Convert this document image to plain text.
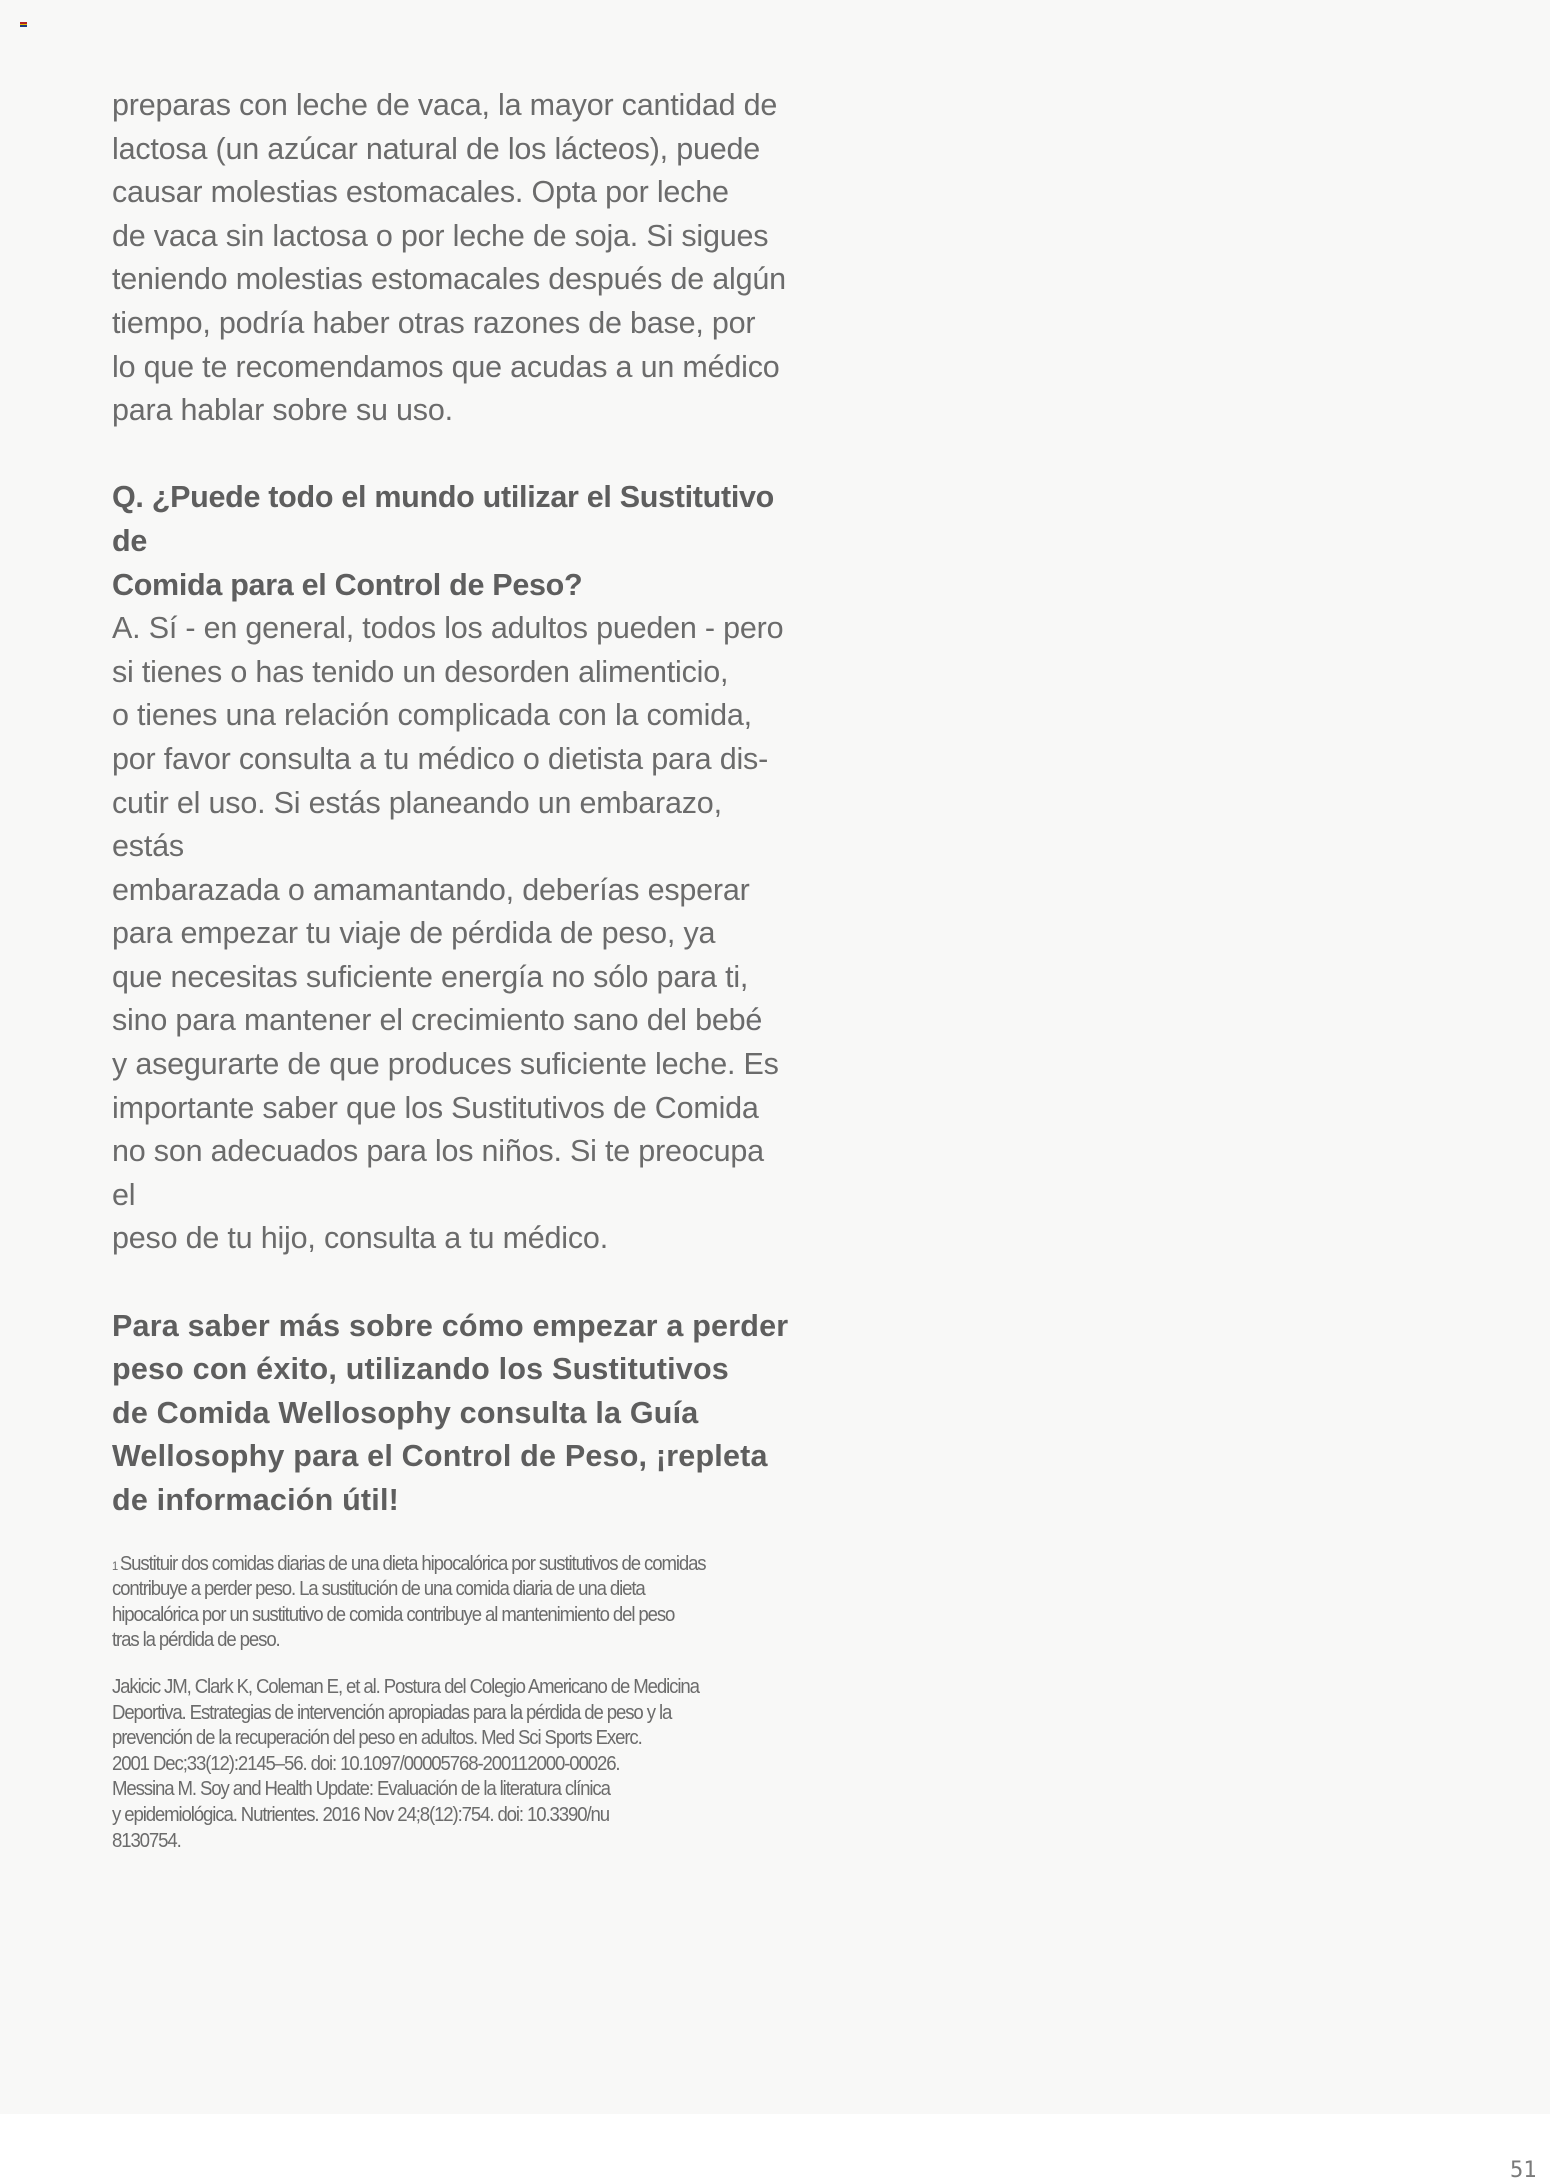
preparas con leche de vaca, la mayor cantidad de

lactosa (un azúcar natural de los lácteos), puede

causar molestias estomacales. Opta por leche

de vaca sin lactosa o por leche de soja. Si sigues

teniendo molestias estomacales después de algún

tiempo, podría haber otras razones de base, por

lo que te recomendamos que acudas a un médico

para hablar sobre su uso.

Q. ¿Puede todo el mundo utilizar el Sustitutivo de

Comida para el Control de Peso?

A. Sí - en general, todos los adultos pueden - pero

si tienes o has tenido un desorden alimenticio,

o tienes una relación complicada con la comida,

por favor consulta a tu médico o dietista para dis-

cutir el uso. Si estás planeando un embarazo, estás

embarazada o amamantando, deberías esperar

para empezar tu viaje de pérdida de peso, ya

que necesitas suficiente energía no sólo para ti,

sino para mantener el crecimiento sano del bebé

y asegurarte de que produces suficiente leche. Es

importante saber que los Sustitutivos de Comida

no son adecuados para los niños. Si te preocupa el

peso de tu hijo, consulta a tu médico.

Para saber más sobre cómo empezar a perder

peso con éxito, utilizando los Sustitutivos

de Comida Wellosophy consulta la Guía

Wellosophy para el Control de Peso, ¡repleta

de información útil!

$^1$ Sustituir dos comidas diarias de una dieta hipocalórica por sustitutivos de comidas

contribuye a perder peso. La sustitución de una comida diaria de una dieta

hipocalórica por un sustitutivo de comida contribuye al mantenimiento del peso

tras la pérdida de peso.

Jakicic JM, Clark K, Coleman E, et al. Postura del Colegio Americano de Medicina

Deportiva. Estrategias de intervención apropiadas para la pérdida de peso y la

prevención de la recuperación del peso en adultos. Med Sci Sports Exerc.

2001 Dec;33(12):2145–56. doi: 10.1097/00005768-200112000-00026.

Messina M. Soy and Health Update: Evaluación de la literatura clínica

y epidemiológica. Nutrientes. 2016 Nov 24;8(12):754. doi: 10.3390/nu

8130754.

51
